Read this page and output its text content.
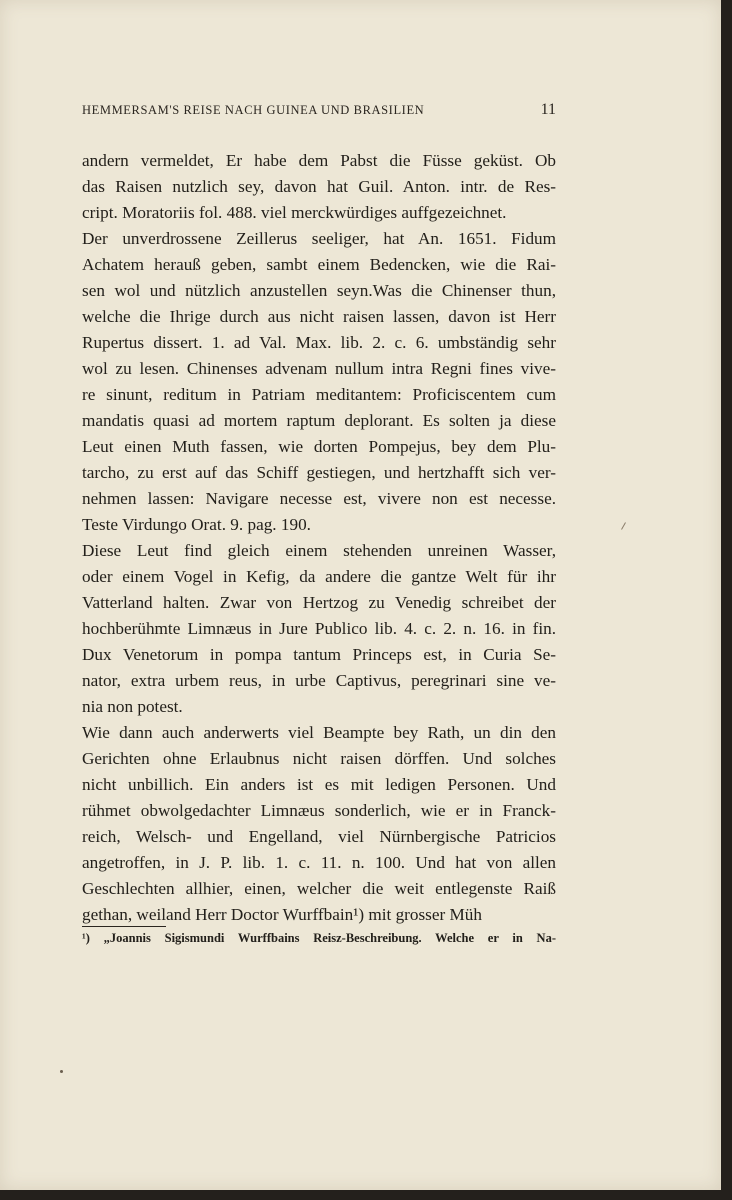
HEMMERSAM'S REISE NACH GUINEA UND BRASILIEN	11

andern vermeldet, Er habe dem Pabst die Füsse geküst. Ob
das Raisen nutzlich sey, davon hat Guil. Anton. intr. de Res-
cript. Moratoriis fol. 488. viel merckwürdiges auffgezeichnet.

Der unverdrossene Zeillerus seeliger, hat An. 1651. Fidum
Achatem herauß geben, sambt einem Bedencken, wie die Rai-
sen wol und nützlich anzustellen seyn.Was die Chinenser thun,
welche die Ihrige durch aus nicht raisen lassen, davon ist Herr
Rupertus dissert. 1. ad Val. Max. lib. 2. c. 6. umbständig sehr
wol zu lesen. Chinenses advenam nullum intra Regni fines vive-
re sinunt, reditum in Patriam meditantem: Proficiscentem cum
mandatis quasi ad mortem raptum deplorant. Es solten ja diese
Leut einen Muth fassen, wie dorten Pompejus, bey dem Plu-
tarcho, zu erst auf das Schiff gestiegen, und hertzhafft sich ver-
nehmen lassen: Navigare necesse est, vivere non est necesse.
Teste Virdungo Orat. 9. pag. 190.

Diese Leut find gleich einem stehenden unreinen Wasser,
oder einem Vogel in Kefig, da andere die gantze Welt für ihr
Vatterland halten. Zwar von Hertzog zu Venedig schreibet der
hochberühmte Limnæus in Jure Publico lib. 4. c. 2. n. 16. in fin.
Dux Venetorum in pompa tantum Princeps est, in Curia Se-
nator, extra urbem reus, in urbe Captivus, peregrinari sine ve-
nia non potest.

Wie dann auch anderwerts viel Beampte bey Rath, un din den
Gerichten ohne Erlaubnus nicht raisen dörffen. Und solches
nicht unbillich. Ein anders ist es mit ledigen Personen. Und
rühmet obwolgedachter Limnæus sonderlich, wie er in Franck-
reich, Welsch- und Engelland, viel Nürnbergische Patricios
angetroffen, in J. P. lib. 1. c. 11. n. 100. Und hat von allen
Geschlechten allhier, einen, welcher die weit entlegenste Raiß
gethan, weiland Herr Doctor Wurffbain¹) mit grosser Müh

¹) „Joannis Sigismundi Wurffbains Reisz-Beschreibung. Welche er in Na-
